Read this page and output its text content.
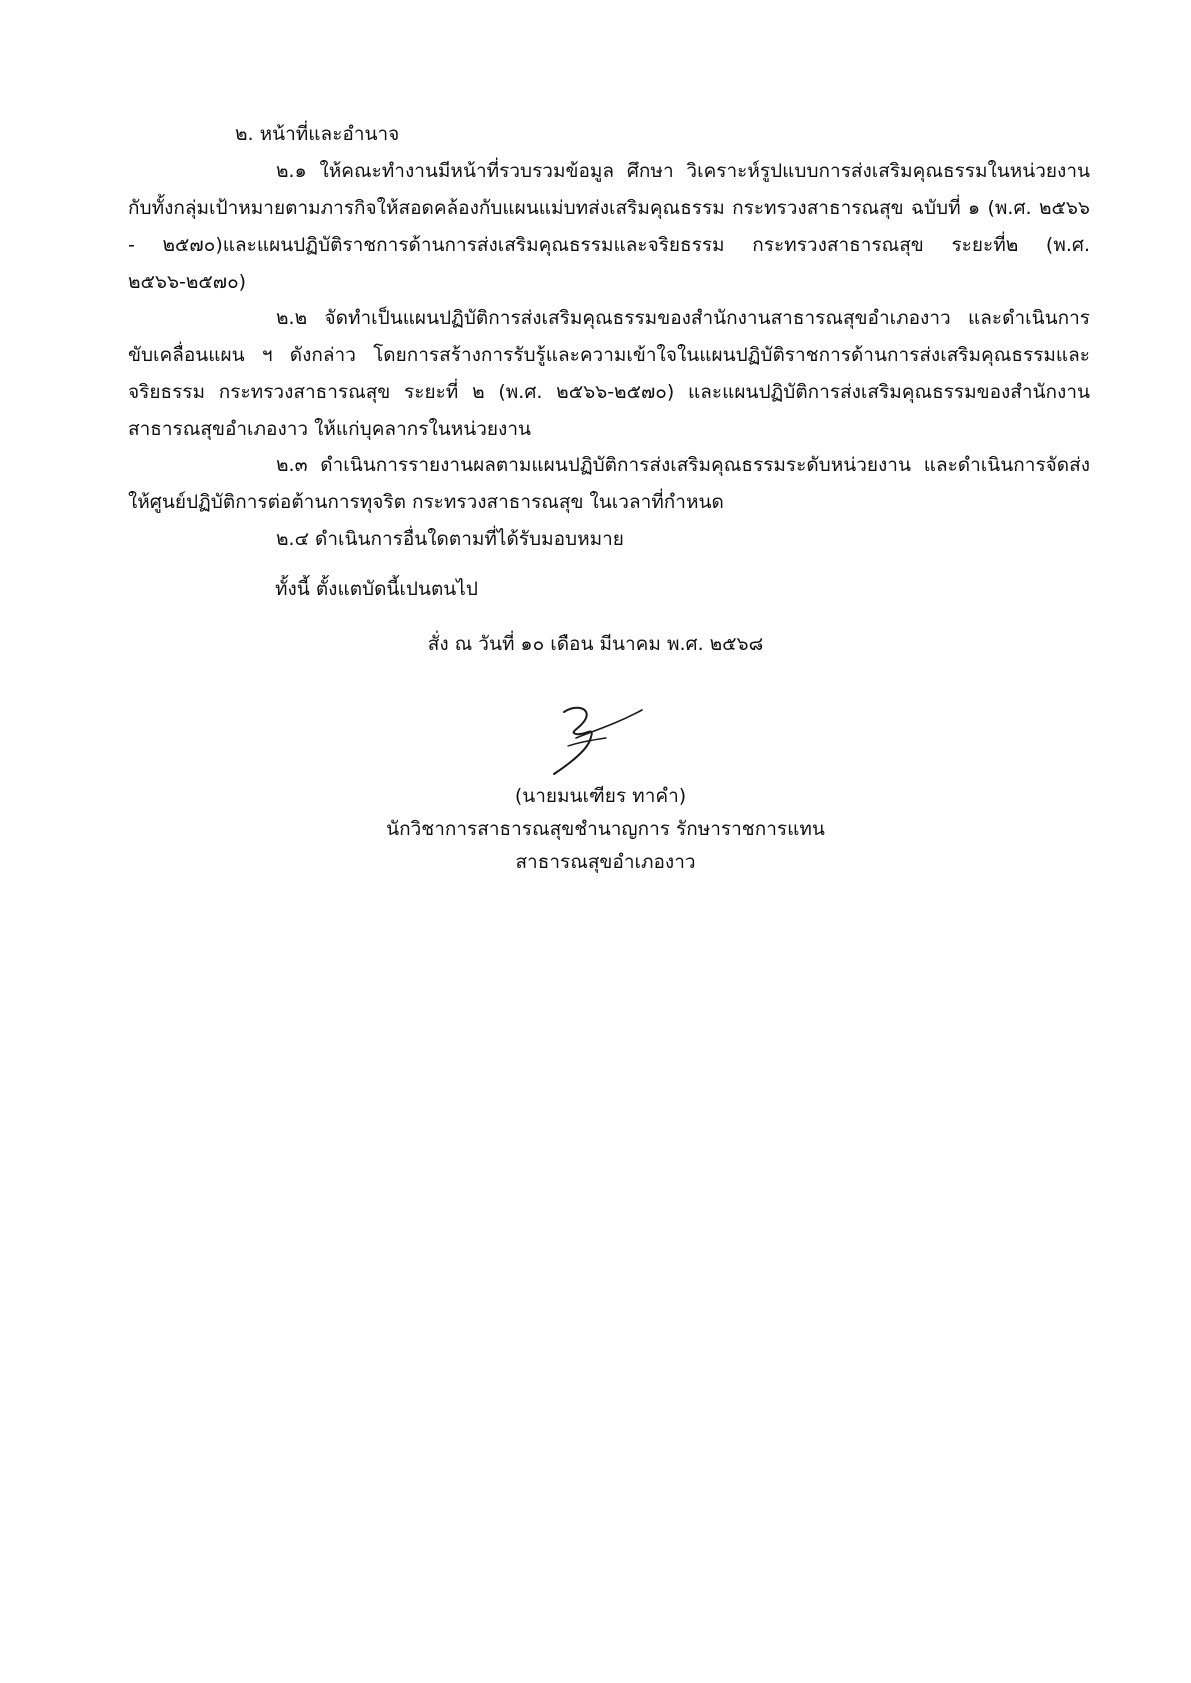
๒. หน้าที่และอำนาจ

๒.๑ ให้คณะทำงานมีหน้าที่รวบรวมข้อมูล ศึกษา วิเคราะห์รูปแบบการส่งเสริมคุณธรรมในหน่วยงาน กับทั้งกลุ่มเป้าหมายตามภารกิจให้สอดคล้องกับแผนแม่บทส่งเสริมคุณธรรม กระทรวงสาธารณสุข ฉบับที่ ๑ (พ.ศ. ๒๕๖๖ - ๒๕๗๐)และแผนปฏิบัติราชการด้านการส่งเสริมคุณธรรมและจริยธรรม กระทรวงสาธารณสุข ระยะที่๒ (พ.ศ. ๒๕๖๖-๒๕๗๐)

๒.๒ จัดทำเป็นแผนปฏิบัติการส่งเสริมคุณธรรมของสำนักงานสาธารณสุขอำเภองาว และดำเนินการขับเคลื่อนแผน ฯ ดังกล่าว โดยการสร้างการรับรู้และความเข้าใจในแผนปฏิบัติราชการด้านการส่งเสริมคุณธรรมและจริยธรรม กระทรวงสาธารณสุข ระยะที่ ๒ (พ.ศ. ๒๕๖๖-๒๕๗๐) และแผนปฏิบัติการส่งเสริมคุณธรรมของสำนักงานสาธารณสุขอำเภองาว ให้แก่บุคลากรในหน่วยงาน

๒.๓ ดำเนินการรายงานผลตามแผนปฏิบัติการส่งเสริมคุณธรรมระดับหน่วยงาน และดำเนินการจัดส่งให้ศูนย์ปฏิบัติการต่อต้านการทุจริต กระทรวงสาธารณสุข ในเวลาที่กำหนด

๒.๔ ดำเนินการอื่นใดตามที่ได้รับมอบหมาย

ทั้งนี้ ตั้งแตบัดนี้เปนตนไป
สั่ง ณ วันที่ ๑๐ เดือน มีนาคม พ.ศ. ๒๕๖๘
(นายมนเฑียร ทาคำ)
นักวิชาการสาธารณสุขชำนาญการ รักษาราชการแทน
สาธารณสุขอำเภองาว
